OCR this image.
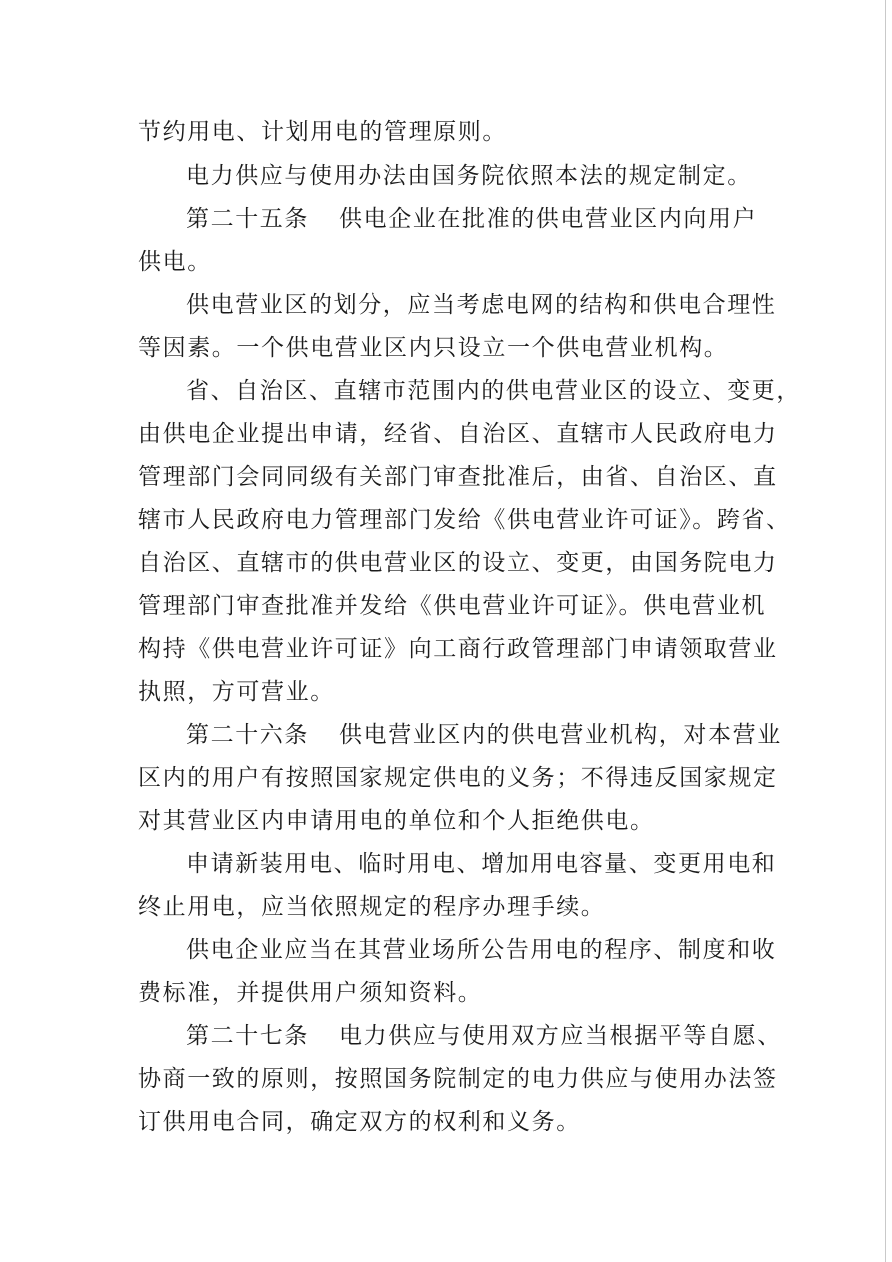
节约用电、计划用电的管理原则。
电力供应与使用办法由国务院依照本法的规定制定。
第二十五条 供电企业在批准的供电营业区内向用户
供电。
供电营业区的划分，应当考虑电网的结构和供电合理性
等因素。一个供电营业区内只设立一个供电营业机构。
省、自治区、直辖市范围内的供电营业区的设立、变更，
由供电企业提出申请，经省、自治区、直辖市人民政府电力
管理部门会同同级有关部门审查批准后，由省、自治区、直
辖市人民政府电力管理部门发给《供电营业许可证》。跨省、
自治区、直辖市的供电营业区的设立、变更，由国务院电力
管理部门审查批准并发给《供电营业许可证》。供电营业机
构持《供电营业许可证》向工商行政管理部门申请领取营业
执照，方可营业。
第二十六条 供电营业区内的供电营业机构，对本营业
区内的用户有按照国家规定供电的义务；不得违反国家规定
对其营业区内申请用电的单位和个人拒绝供电。
申请新装用电、临时用电、增加用电容量、变更用电和
终止用电，应当依照规定的程序办理手续。
供电企业应当在其营业场所公告用电的程序、制度和收
费标准，并提供用户须知资料。
第二十七条 电力供应与使用双方应当根据平等自愿、
协商一致的原则，按照国务院制定的电力供应与使用办法签
订供用电合同，确定双方的权利和义务。
